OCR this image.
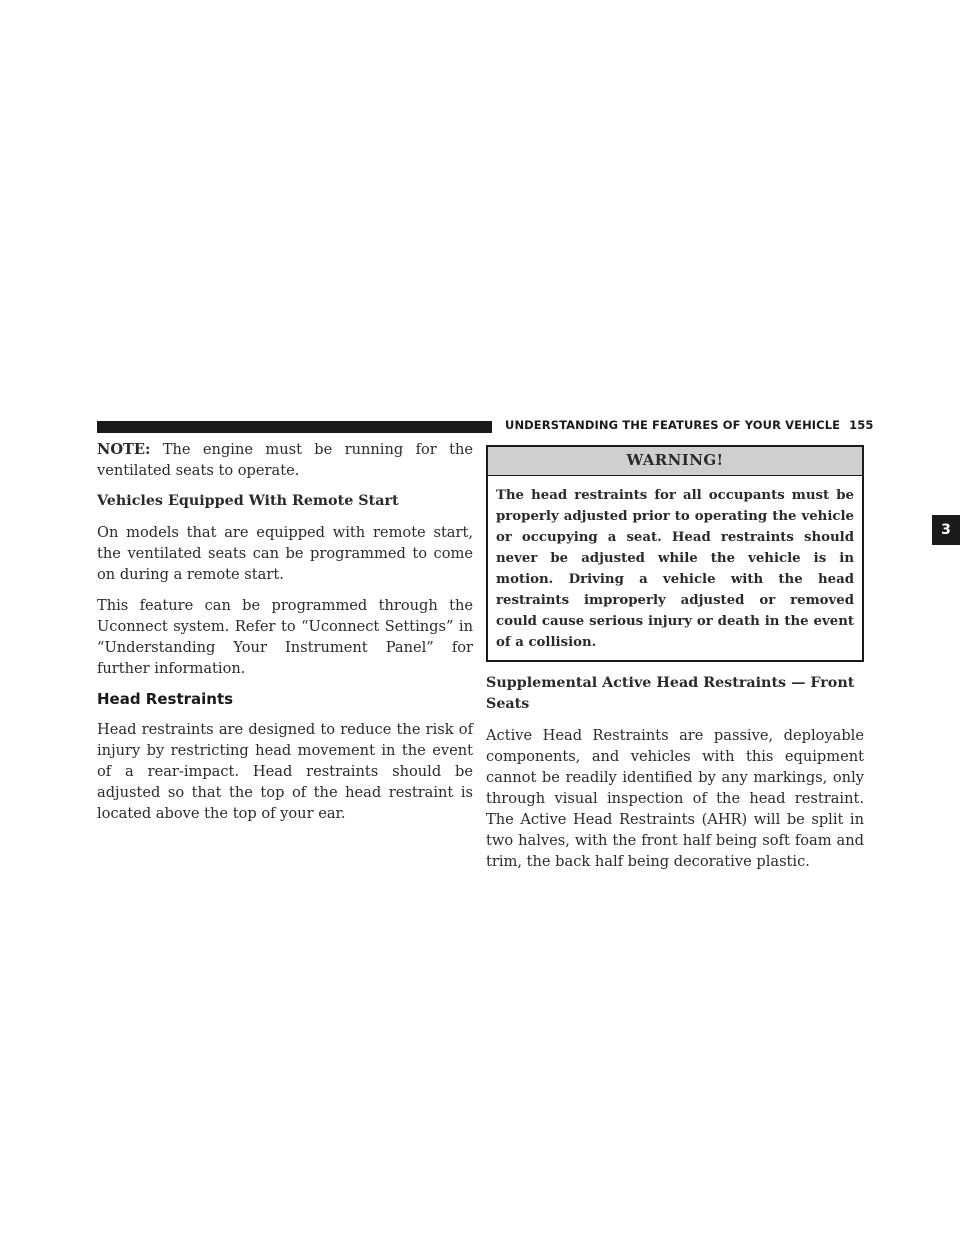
UNDERSTANDING THE FEATURES OF YOUR VEHICLE 155

NOTE: The engine must be running for the ventilated seats to operate.

Vehicles Equipped With Remote Start

On models that are equipped with remote start, the ventilated seats can be programmed to come on during a remote start.

This feature can be programmed through the Uconnect system. Refer to “Uconnect Settings” in “Understanding Your Instrument Panel” for further information.

Head Restraints

Head restraints are designed to reduce the risk of injury by restricting head movement in the event of a rear-impact. Head restraints should be adjusted so that the top of the head restraint is located above the top of your ear.

WARNING!
The head restraints for all occupants must be properly adjusted prior to operating the vehicle or occupying a seat. Head restraints should never be adjusted while the vehicle is in motion. Driving a vehicle with the head restraints improperly adjusted or removed could cause serious injury or death in the event of a collision.
Supplemental Active Head Restraints — Front Seats

Active Head Restraints are passive, deployable components, and vehicles with this equipment cannot be readily identified by any markings, only through visual inspection of the head restraint. The Active Head Restraints (AHR) will be split in two halves, with the front half being soft foam and trim, the back half being decorative plastic.

3
